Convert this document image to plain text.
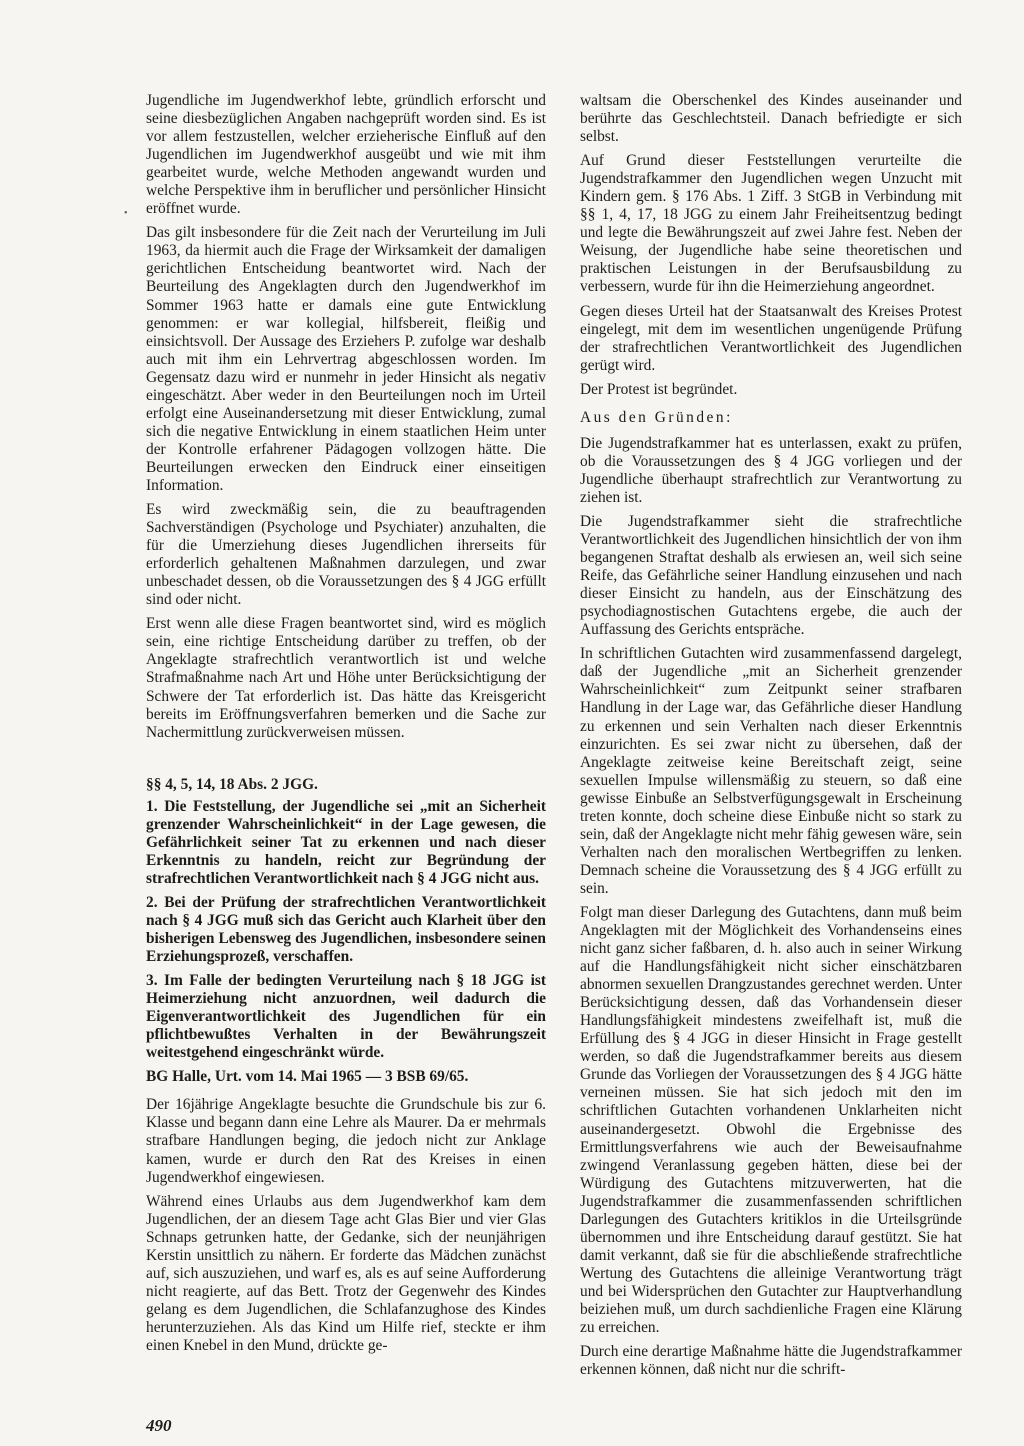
•

Jugendliche im Jugendwerkhof lebte, gründlich erforscht und seine diesbezüglichen Angaben nachgeprüft worden sind. Es ist vor allem festzustellen, welcher erzieherische Einfluß auf den Jugendlichen im Jugendwerkhof ausgeübt und wie mit ihm gearbeitet wurde, welche Methoden angewandt wurden und welche Perspektive ihm in beruflicher und persönlicher Hinsicht eröffnet wurde.

Das gilt insbesondere für die Zeit nach der Verurteilung im Juli 1963, da hiermit auch die Frage der Wirksamkeit der damaligen gerichtlichen Entscheidung beantwortet wird. Nach der Beurteilung des Angeklagten durch den Jugendwerkhof im Sommer 1963 hatte er damals eine gute Entwicklung genommen: er war kollegial, hilfsbereit, fleißig und einsichtsvoll. Der Aussage des Erziehers P. zufolge war deshalb auch mit ihm ein Lehrvertrag abgeschlossen worden. Im Gegensatz dazu wird er nunmehr in jeder Hinsicht als negativ eingeschätzt. Aber weder in den Beurteilungen noch im Urteil erfolgt eine Auseinandersetzung mit dieser Entwicklung, zumal sich die negative Entwicklung in einem staatlichen Heim unter der Kontrolle erfahrener Pädagogen vollzogen hätte. Die Beurteilungen erwecken den Eindruck einer einseitigen Information.

Es wird zweckmäßig sein, die zu beauftragenden Sachverständigen (Psychologe und Psychiater) anzuhalten, die für die Umerziehung dieses Jugendlichen ihrerseits für erforderlich gehaltenen Maßnahmen darzulegen, und zwar unbeschadet dessen, ob die Voraussetzungen des § 4 JGG erfüllt sind oder nicht.

Erst wenn alle diese Fragen beantwortet sind, wird es möglich sein, eine richtige Entscheidung darüber zu treffen, ob der Angeklagte strafrechtlich verantwortlich ist und welche Strafmaßnahme nach Art und Höhe unter Berücksichtigung der Schwere der Tat erforderlich ist. Das hätte das Kreisgericht bereits im Eröffnungsverfahren bemerken und die Sache zur Nachermittlung zurückverweisen müssen.

§§ 4, 5, 14, 18 Abs. 2 JGG.

1. Die Feststellung, der Jugendliche sei „mit an Sicherheit grenzender Wahrscheinlichkeit“ in der Lage gewesen, die Gefährlichkeit seiner Tat zu erkennen und nach dieser Erkenntnis zu handeln, reicht zur Begründung der strafrechtlichen Verantwortlichkeit nach § 4 JGG nicht aus.

2. Bei der Prüfung der strafrechtlichen Verantwortlichkeit nach § 4 JGG muß sich das Gericht auch Klarheit über den bisherigen Lebensweg des Jugendlichen, insbesondere seinen Erziehungsprozeß, verschaffen.

3. Im Falle der bedingten Verurteilung nach § 18 JGG ist Heimerziehung nicht anzuordnen, weil dadurch die Eigenverantwortlichkeit des Jugendlichen für ein pflichtbewußtes Verhalten in der Bewährungszeit weitestgehend eingeschränkt würde.

BG Halle, Urt. vom 14. Mai 1965 — 3 BSB 69/65.

Der 16jährige Angeklagte besuchte die Grundschule bis zur 6. Klasse und begann dann eine Lehre als Maurer. Da er mehrmals strafbare Handlungen beging, die jedoch nicht zur Anklage kamen, wurde er durch den Rat des Kreises in einen Jugendwerkhof eingewiesen.

Während eines Urlaubs aus dem Jugendwerkhof kam dem Jugendlichen, der an diesem Tage acht Glas Bier und vier Glas Schnaps getrunken hatte, der Gedanke, sich der neunjährigen Kerstin unsittlich zu nähern. Er forderte das Mädchen zunächst auf, sich auszuziehen, und warf es, als es auf seine Aufforderung nicht reagierte, auf das Bett. Trotz der Gegenwehr des Kindes gelang es dem Jugendlichen, die Schlafanzughose des Kindes herunterzuziehen. Als das Kind um Hilfe rief, steckte er ihm einen Knebel in den Mund, drückte ge-

waltsam die Oberschenkel des Kindes auseinander und berührte das Geschlechtsteil. Danach befriedigte er sich selbst.

Auf Grund dieser Feststellungen verurteilte die Jugendstrafkammer den Jugendlichen wegen Unzucht mit Kindern gem. § 176 Abs. 1 Ziff. 3 StGB in Verbindung mit §§ 1, 4, 17, 18 JGG zu einem Jahr Freiheitsentzug bedingt und legte die Bewährungszeit auf zwei Jahre fest. Neben der Weisung, der Jugendliche habe seine theoretischen und praktischen Leistungen in der Berufsausbildung zu verbessern, wurde für ihn die Heimerziehung angeordnet.

Gegen dieses Urteil hat der Staatsanwalt des Kreises Protest eingelegt, mit dem im wesentlichen ungenügende Prüfung der strafrechtlichen Verantwortlichkeit des Jugendlichen gerügt wird.

Der Protest ist begründet.

Aus den Gründen:

Die Jugendstrafkammer hat es unterlassen, exakt zu prüfen, ob die Voraussetzungen des § 4 JGG vorliegen und der Jugendliche überhaupt strafrechtlich zur Verantwortung zu ziehen ist.

Die Jugendstrafkammer sieht die strafrechtliche Verantwortlichkeit des Jugendlichen hinsichtlich der von ihm begangenen Straftat deshalb als erwiesen an, weil sich seine Reife, das Gefährliche seiner Handlung einzusehen und nach dieser Einsicht zu handeln, aus der Einschätzung des psychodiagnostischen Gutachtens ergebe, die auch der Auffassung des Gerichts entspräche.

In schriftlichen Gutachten wird zusammenfassend dargelegt, daß der Jugendliche „mit an Sicherheit grenzender Wahrscheinlichkeit“ zum Zeitpunkt seiner strafbaren Handlung in der Lage war, das Gefährliche dieser Handlung zu erkennen und sein Verhalten nach dieser Erkenntnis einzurichten. Es sei zwar nicht zu übersehen, daß der Angeklagte zeitweise keine Bereitschaft zeigt, seine sexuellen Impulse willensmäßig zu steuern, so daß eine gewisse Einbuße an Selbstverfügungsgewalt in Erscheinung treten konnte, doch scheine diese Einbuße nicht so stark zu sein, daß der Angeklagte nicht mehr fähig gewesen wäre, sein Verhalten nach den moralischen Wertbegriffen zu lenken. Demnach scheine die Voraussetzung des § 4 JGG erfüllt zu sein.

Folgt man dieser Darlegung des Gutachtens, dann muß beim Angeklagten mit der Möglichkeit des Vorhandenseins eines nicht ganz sicher faßbaren, d. h. also auch in seiner Wirkung auf die Handlungsfähigkeit nicht sicher einschätzbaren abnormen sexuellen Drangzustandes gerechnet werden. Unter Berücksichtigung dessen, daß das Vorhandensein dieser Handlungsfähigkeit mindestens zweifelhaft ist, muß die Erfüllung des § 4 JGG in dieser Hinsicht in Frage gestellt werden, so daß die Jugendstrafkammer bereits aus diesem Grunde das Vorliegen der Voraussetzungen des § 4 JGG hätte verneinen müssen. Sie hat sich jedoch mit den im schriftlichen Gutachten vorhandenen Unklarheiten nicht auseinandergesetzt. Obwohl die Ergebnisse des Ermittlungsverfahrens wie auch der Beweisaufnahme zwingend Veranlassung gegeben hätten, diese bei der Würdigung des Gutachtens mitzuverwerten, hat die Jugendstrafkammer die zusammenfassenden schriftlichen Darlegungen des Gutachters kritiklos in die Urteilsgründe übernommen und ihre Entscheidung darauf gestützt. Sie hat damit verkannt, daß sie für die abschließende strafrechtliche Wertung des Gutachtens die alleinige Verantwortung trägt und bei Widersprüchen den Gutachter zur Hauptverhandlung beiziehen muß, um durch sachdienliche Fragen eine Klärung zu erreichen.

Durch eine derartige Maßnahme hätte die Jugendstrafkammer erkennen können, daß nicht nur die schrift-

490
